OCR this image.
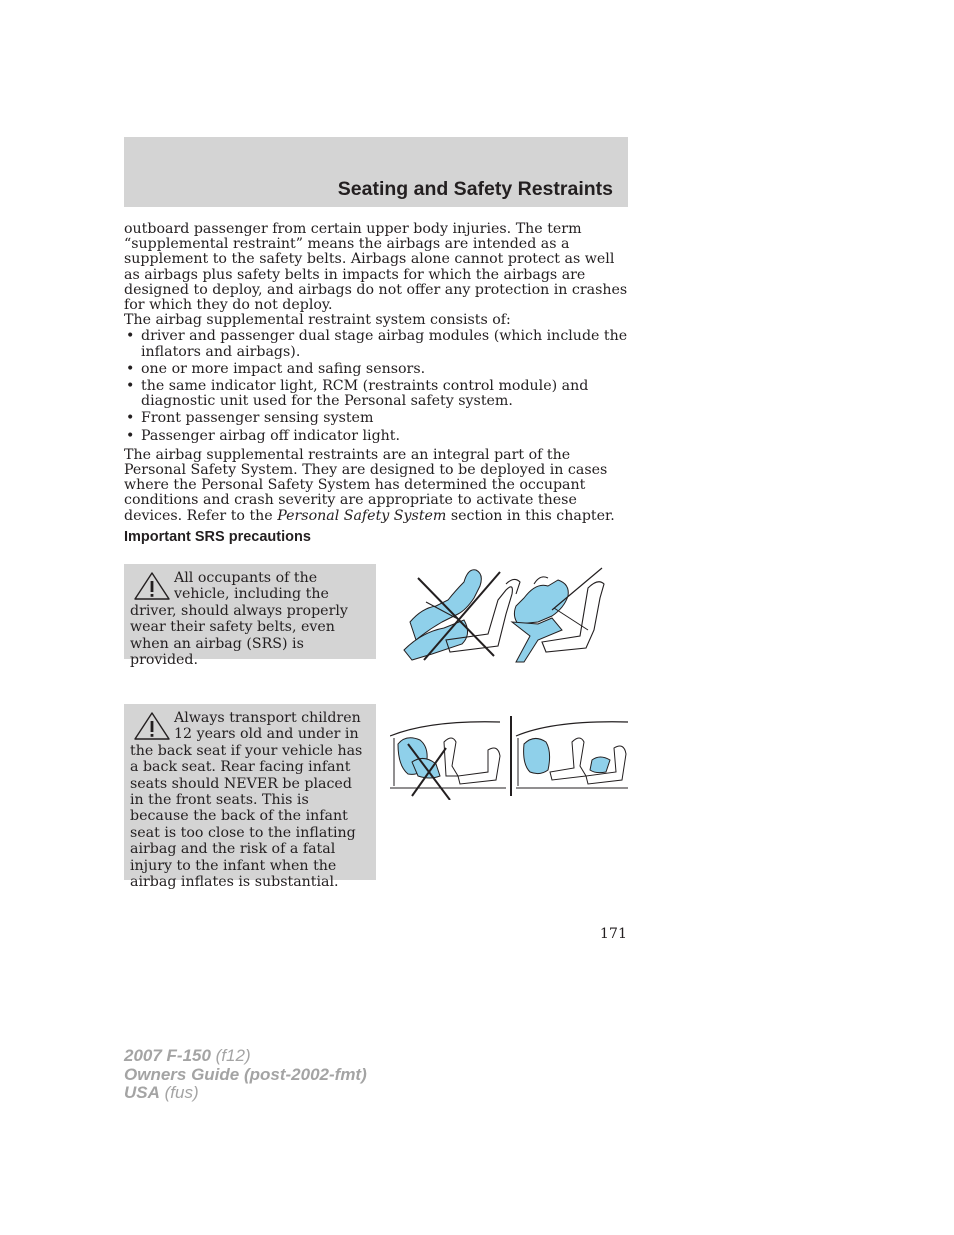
Seating and Safety Restraints

outboard passenger from certain upper body injuries. The term “supplemental restraint” means the airbags are intended as a supplement to the safety belts. Airbags alone cannot protect as well as airbags plus safety belts in impacts for which the airbags are designed to deploy, and airbags do not offer any protection in crashes for which they do not deploy.

The airbag supplemental restraint system consists of:

• driver and passenger dual stage airbag modules (which include the inflators and airbags).
• one or more impact and safing sensors.
• the same indicator light, RCM (restraints control module) and diagnostic unit used for the Personal safety system.
• Front passenger sensing system
• Passenger airbag off indicator light.

The airbag supplemental restraints are an integral part of the Personal Safety System. They are designed to be deployed in cases where the Personal Safety System has determined the occupant conditions and crash severity are appropriate to activate these devices. Refer to the Personal Safety System section in this chapter.

Important SRS precautions

All occupants of the vehicle, including the driver, should always properly wear their safety belts, even when an airbag (SRS) is provided.

Always transport children 12 years old and under in the back seat if your vehicle has a back seat. Rear facing infant seats should NEVER be placed in the front seats. This is because the back of the infant seat is too close to the inflating airbag and the risk of a fatal injury to the infant when the airbag inflates is substantial.

171
2007 F-150 (f12)
Owners Guide (post-2002-fmt)
USA (fus)
